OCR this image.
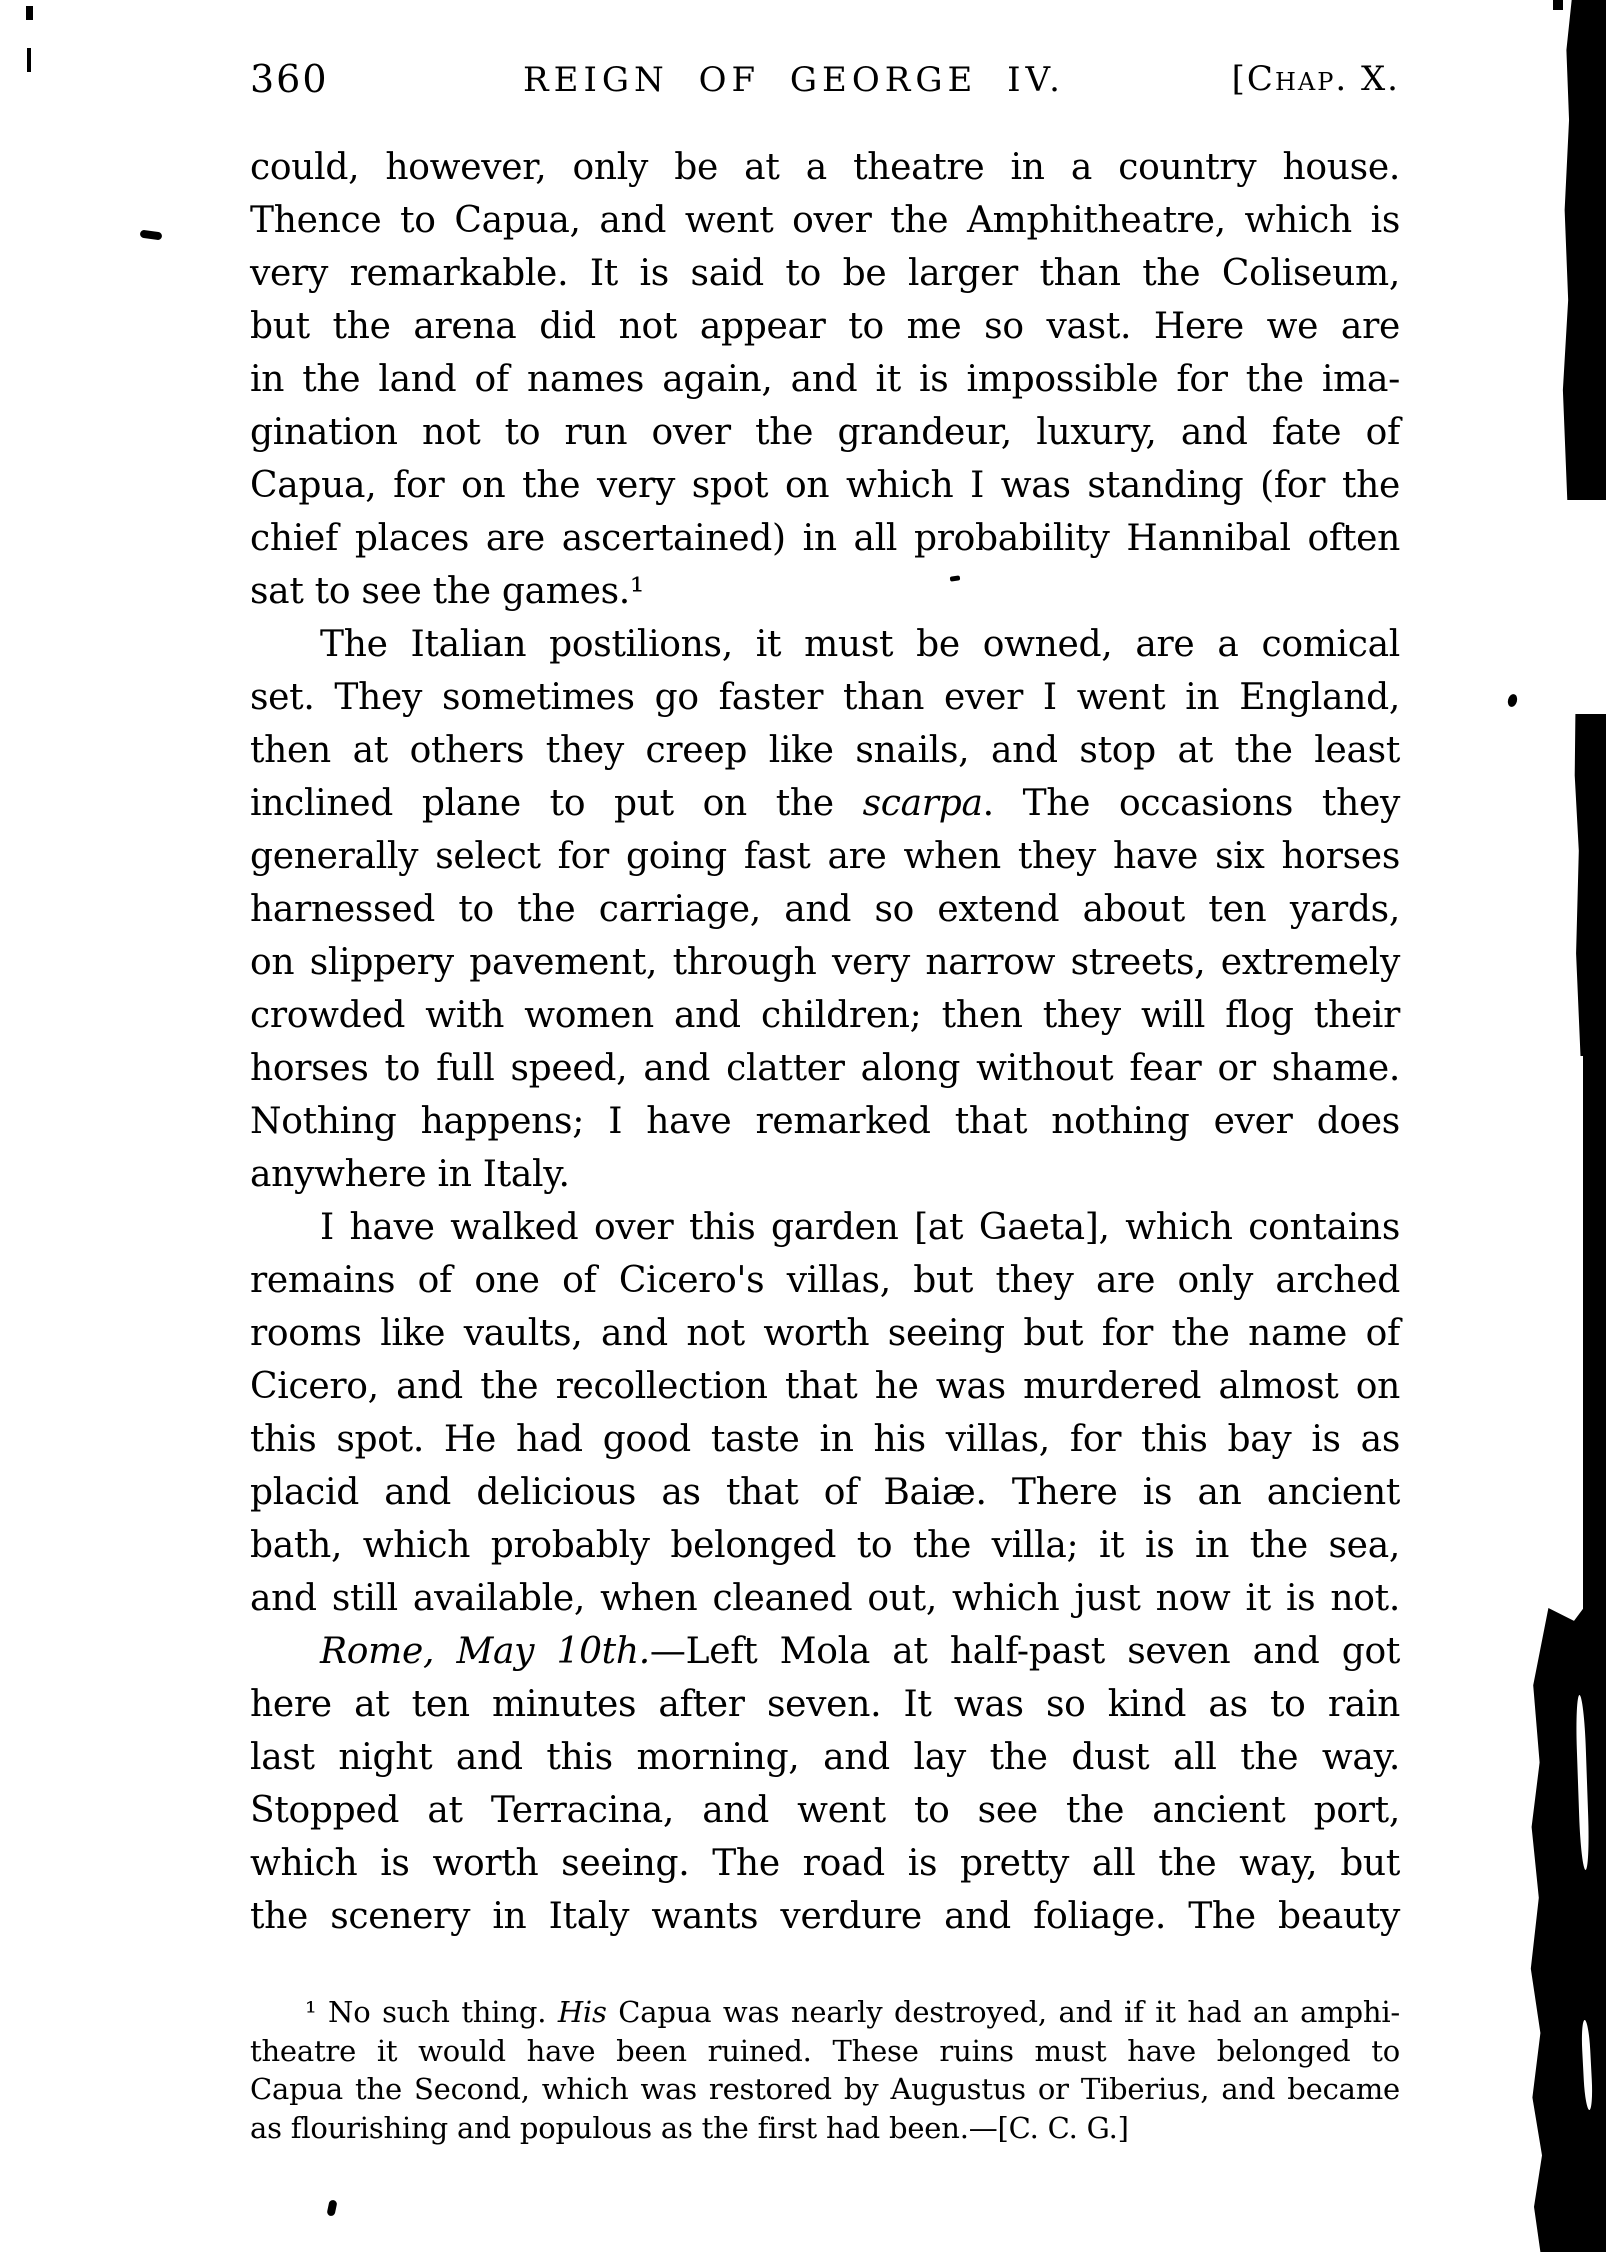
360	REIGN OF GEORGE IV.	[Chap. X.
could, however, only be at a theatre in a country house.
Thence to Capua, and went over the Amphitheatre, which is
very remarkable. It is said to be larger than the Coliseum,
but the arena did not appear to me so vast. Here we are
in the land of names again, and it is impossible for the ima-
gination not to run over the grandeur, luxury, and fate of
Capua, for on the very spot on which I was standing (for the
chief places are ascertained) in all probability Hannibal often
sat to see the games.¹
The Italian postilions, it must be owned, are a comical
set. They sometimes go faster than ever I went in England,
then at others they creep like snails, and stop at the least
inclined plane to put on the scarpa. The occasions they
generally select for going fast are when they have six horses
harnessed to the carriage, and so extend about ten yards,
on slippery pavement, through very narrow streets, extremely
crowded with women and children; then they will flog their
horses to full speed, and clatter along without fear or shame.
Nothing happens; I have remarked that nothing ever does
anywhere in Italy.
I have walked over this garden [at Gaeta], which contains
remains of one of Cicero's villas, but they are only arched
rooms like vaults, and not worth seeing but for the name of
Cicero, and the recollection that he was murdered almost on
this spot. He had good taste in his villas, for this bay is as
placid and delicious as that of Baiæ. There is an ancient
bath, which probably belonged to the villa; it is in the sea,
and still available, when cleaned out, which just now it is not.
Rome, May 10th.—Left Mola at half-past seven and got
here at ten minutes after seven. It was so kind as to rain
last night and this morning, and lay the dust all the way.
Stopped at Terracina, and went to see the ancient port,
which is worth seeing. The road is pretty all the way, but
the scenery in Italy wants verdure and foliage. The beauty
¹ No such thing. His Capua was nearly destroyed, and if it had an amphi-
theatre it would have been ruined. These ruins must have belonged to
Capua the Second, which was restored by Augustus or Tiberius, and became
as flourishing and populous as the first had been.—[C. C. G.]
